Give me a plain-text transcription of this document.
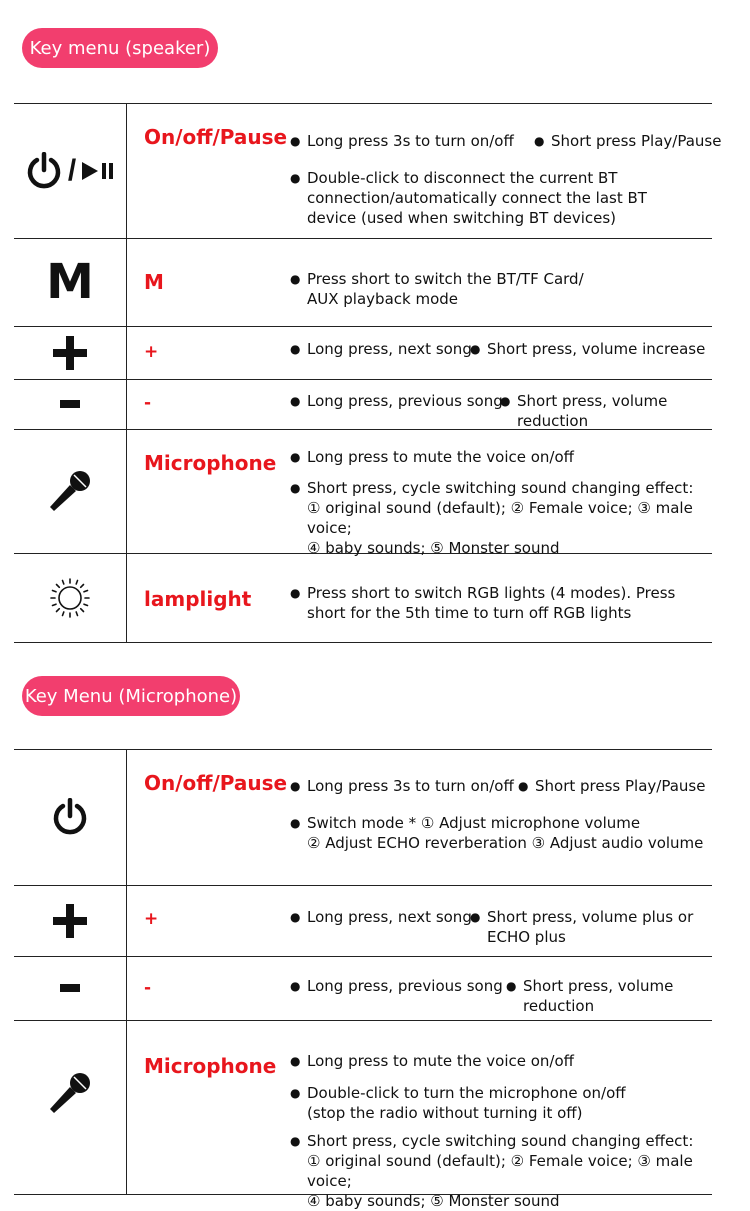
Key menu (speaker)
/
On/off/Pause	● Long press 3s to turn on/off	● Short press Play/Pause

● Double-click to disconnect the current BT
connection/automatically connect the last BT
device (used when switching BT devices)

M	M	● Press short to switch the BT/TF Card/
AUX playback mode

+	● Long press, next song	● Short press, volume increase

-	● Long press, previous song ● Short press, volume reduction

Microphone	● Long press to mute the voice on/off

● Short press, cycle switching sound changing effect:
① original sound (default); ② Female voice; ③ male voice;
④ baby sounds; ⑤ Monster sound

lamplight	● Press short to switch RGB lights (4 modes). Press
short for the 5th time to turn off RGB lights

Key Menu (Microphone)
On/off/Pause	● Long press 3s to turn on/off	● Short press Play/Pause

● Switch mode * ① Adjust microphone volume
② Adjust ECHO reverberation ③ Adjust audio volume

+	● Long press, next song	● Short press, volume plus or
ECHO plus

-	● Long press, previous song	● Short press, volume
reduction

Microphone	● Long press to mute the voice on/off

● Double-click to turn the microphone on/off
(stop the radio without turning it off)

● Short press, cycle switching sound changing effect:
① original sound (default); ② Female voice; ③ male voice;
④ baby sounds; ⑤ Monster sound
